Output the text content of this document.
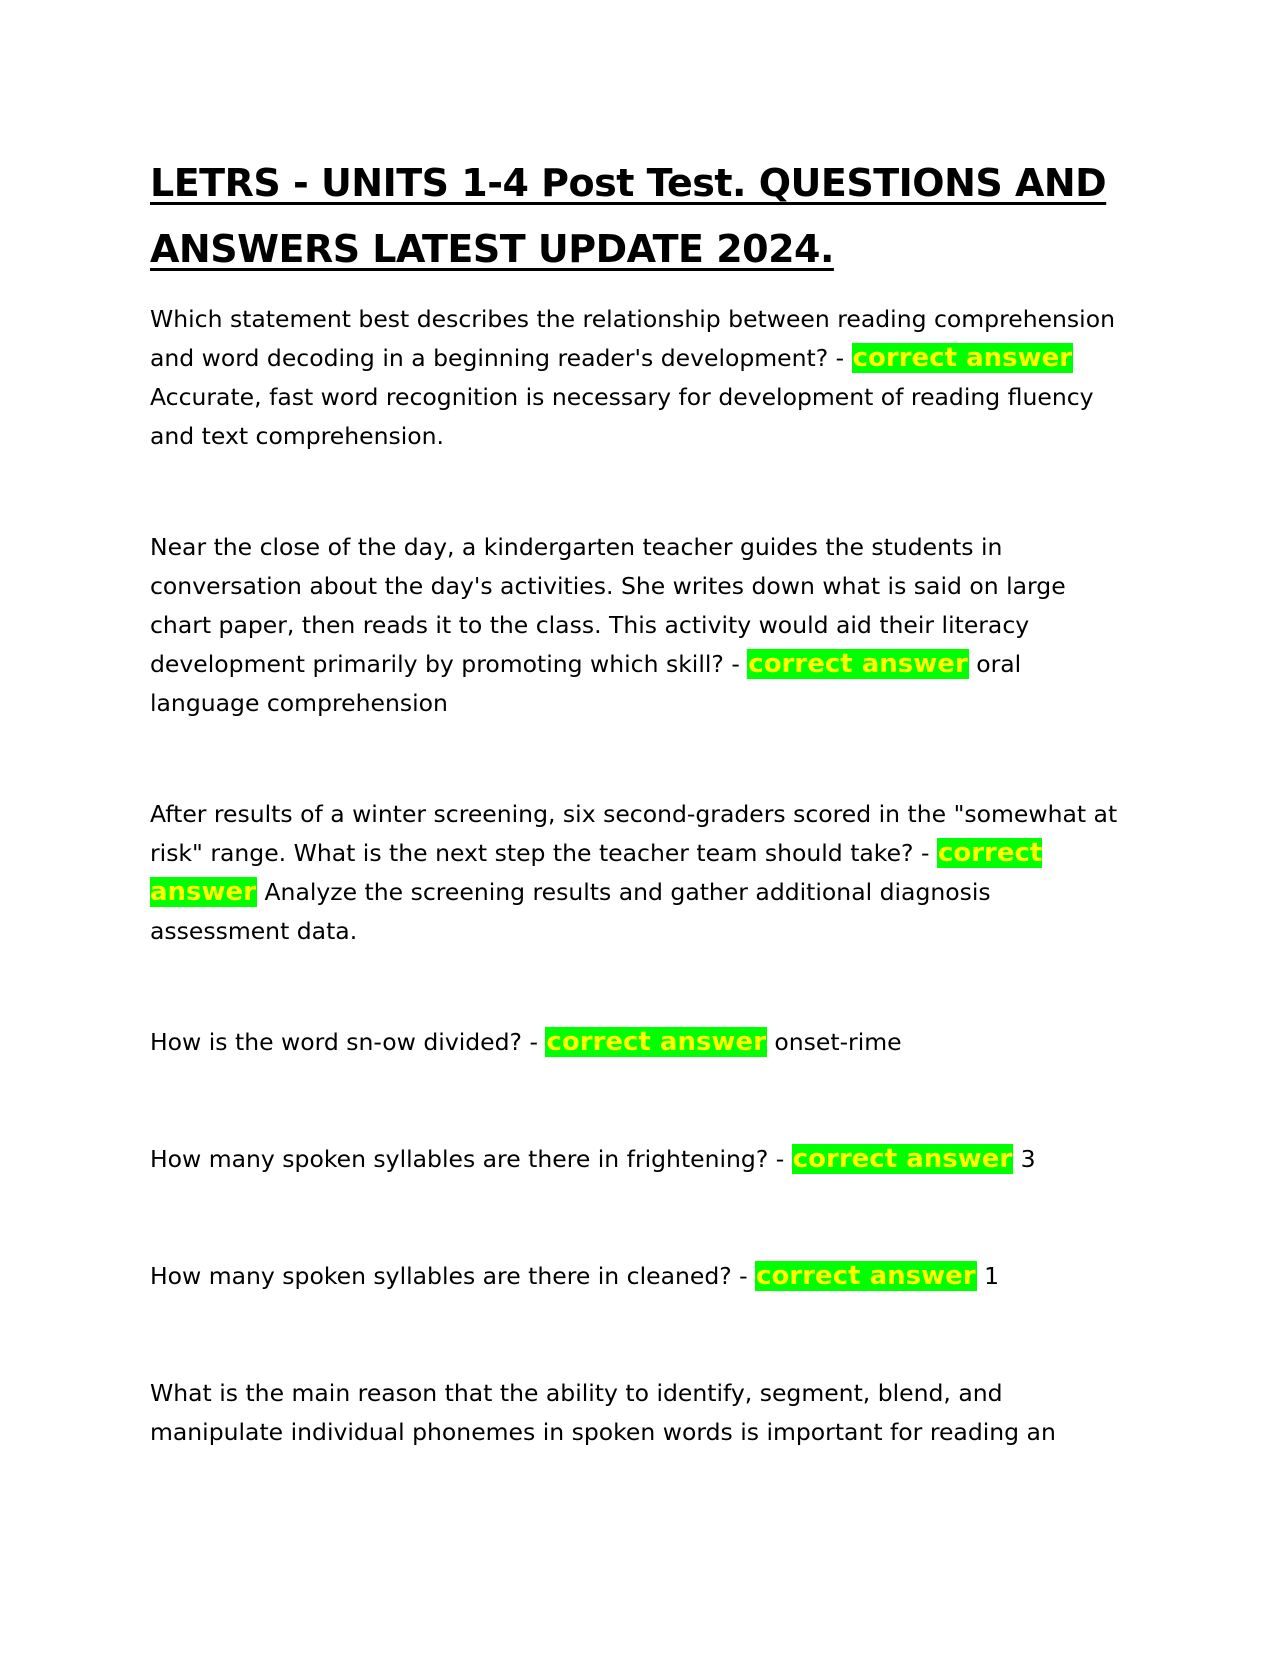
LETRS - UNITS 1-4 Post Test. QUESTIONS AND ANSWERS LATEST UPDATE 2024.

Which statement best describes the relationship between reading comprehension and word decoding in a beginning reader's development? - correct answer Accurate, fast word recognition is necessary for development of reading fluency and text comprehension.

Near the close of the day, a kindergarten teacher guides the students in conversation about the day's activities. She writes down what is said on large chart paper, then reads it to the class. This activity would aid their literacy development primarily by promoting which skill? - correct answer oral language comprehension

After results of a winter screening, six second-graders scored in the "somewhat at risk" range. What is the next step the teacher team should take? - correct answer Analyze the screening results and gather additional diagnosis assessment data.

How is the word sn-ow divided? - correct answer onset-rime

How many spoken syllables are there in frightening? - correct answer 3

How many spoken syllables are there in cleaned? - correct answer 1

What is the main reason that the ability to identify, segment, blend, and manipulate individual phonemes in spoken words is important for reading an
